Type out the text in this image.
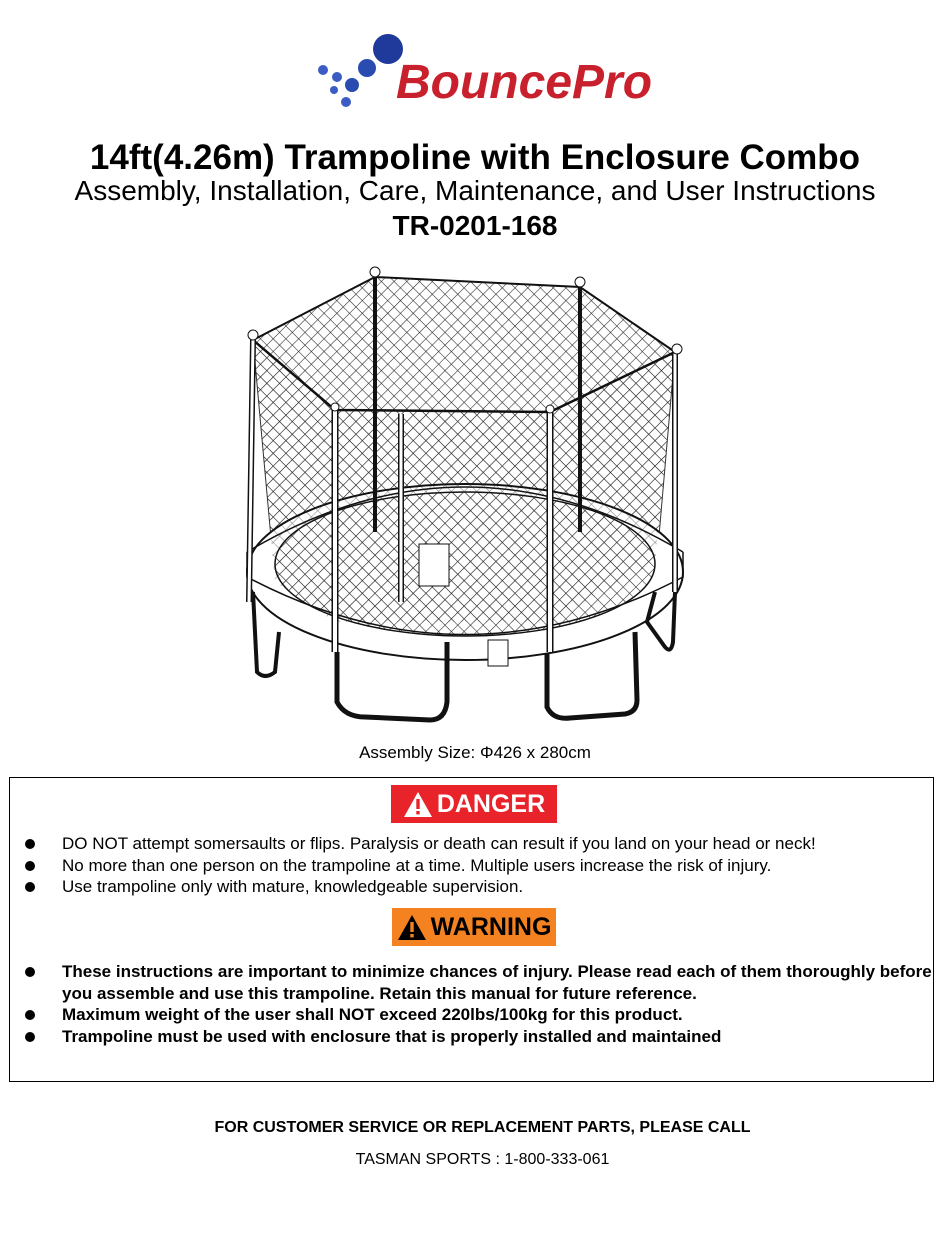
BouncePro
14ft(4.26m) Trampoline with Enclosure Combo
Assembly, Installation, Care, Maintenance, and User Instructions
TR-0201-168
Assembly Size: Φ426 x 280cm
DANGER
DO NOT attempt somersaults or flips. Paralysis or death can result if you land on your head or neck!
No more than one person on the trampoline at a time. Multiple users increase the risk of injury.
Use trampoline only with mature, knowledgeable supervision.
WARNING
These instructions are important to minimize chances of injury. Please read each of them thoroughly before you assemble and use this trampoline. Retain this manual for future reference.
Maximum weight of the user shall NOT exceed 220lbs/100kg for this product.
Trampoline must be used with enclosure that is properly installed and maintained
FOR CUSTOMER SERVICE OR REPLACEMENT PARTS, PLEASE CALL
TASMAN SPORTS : 1-800-333-061
